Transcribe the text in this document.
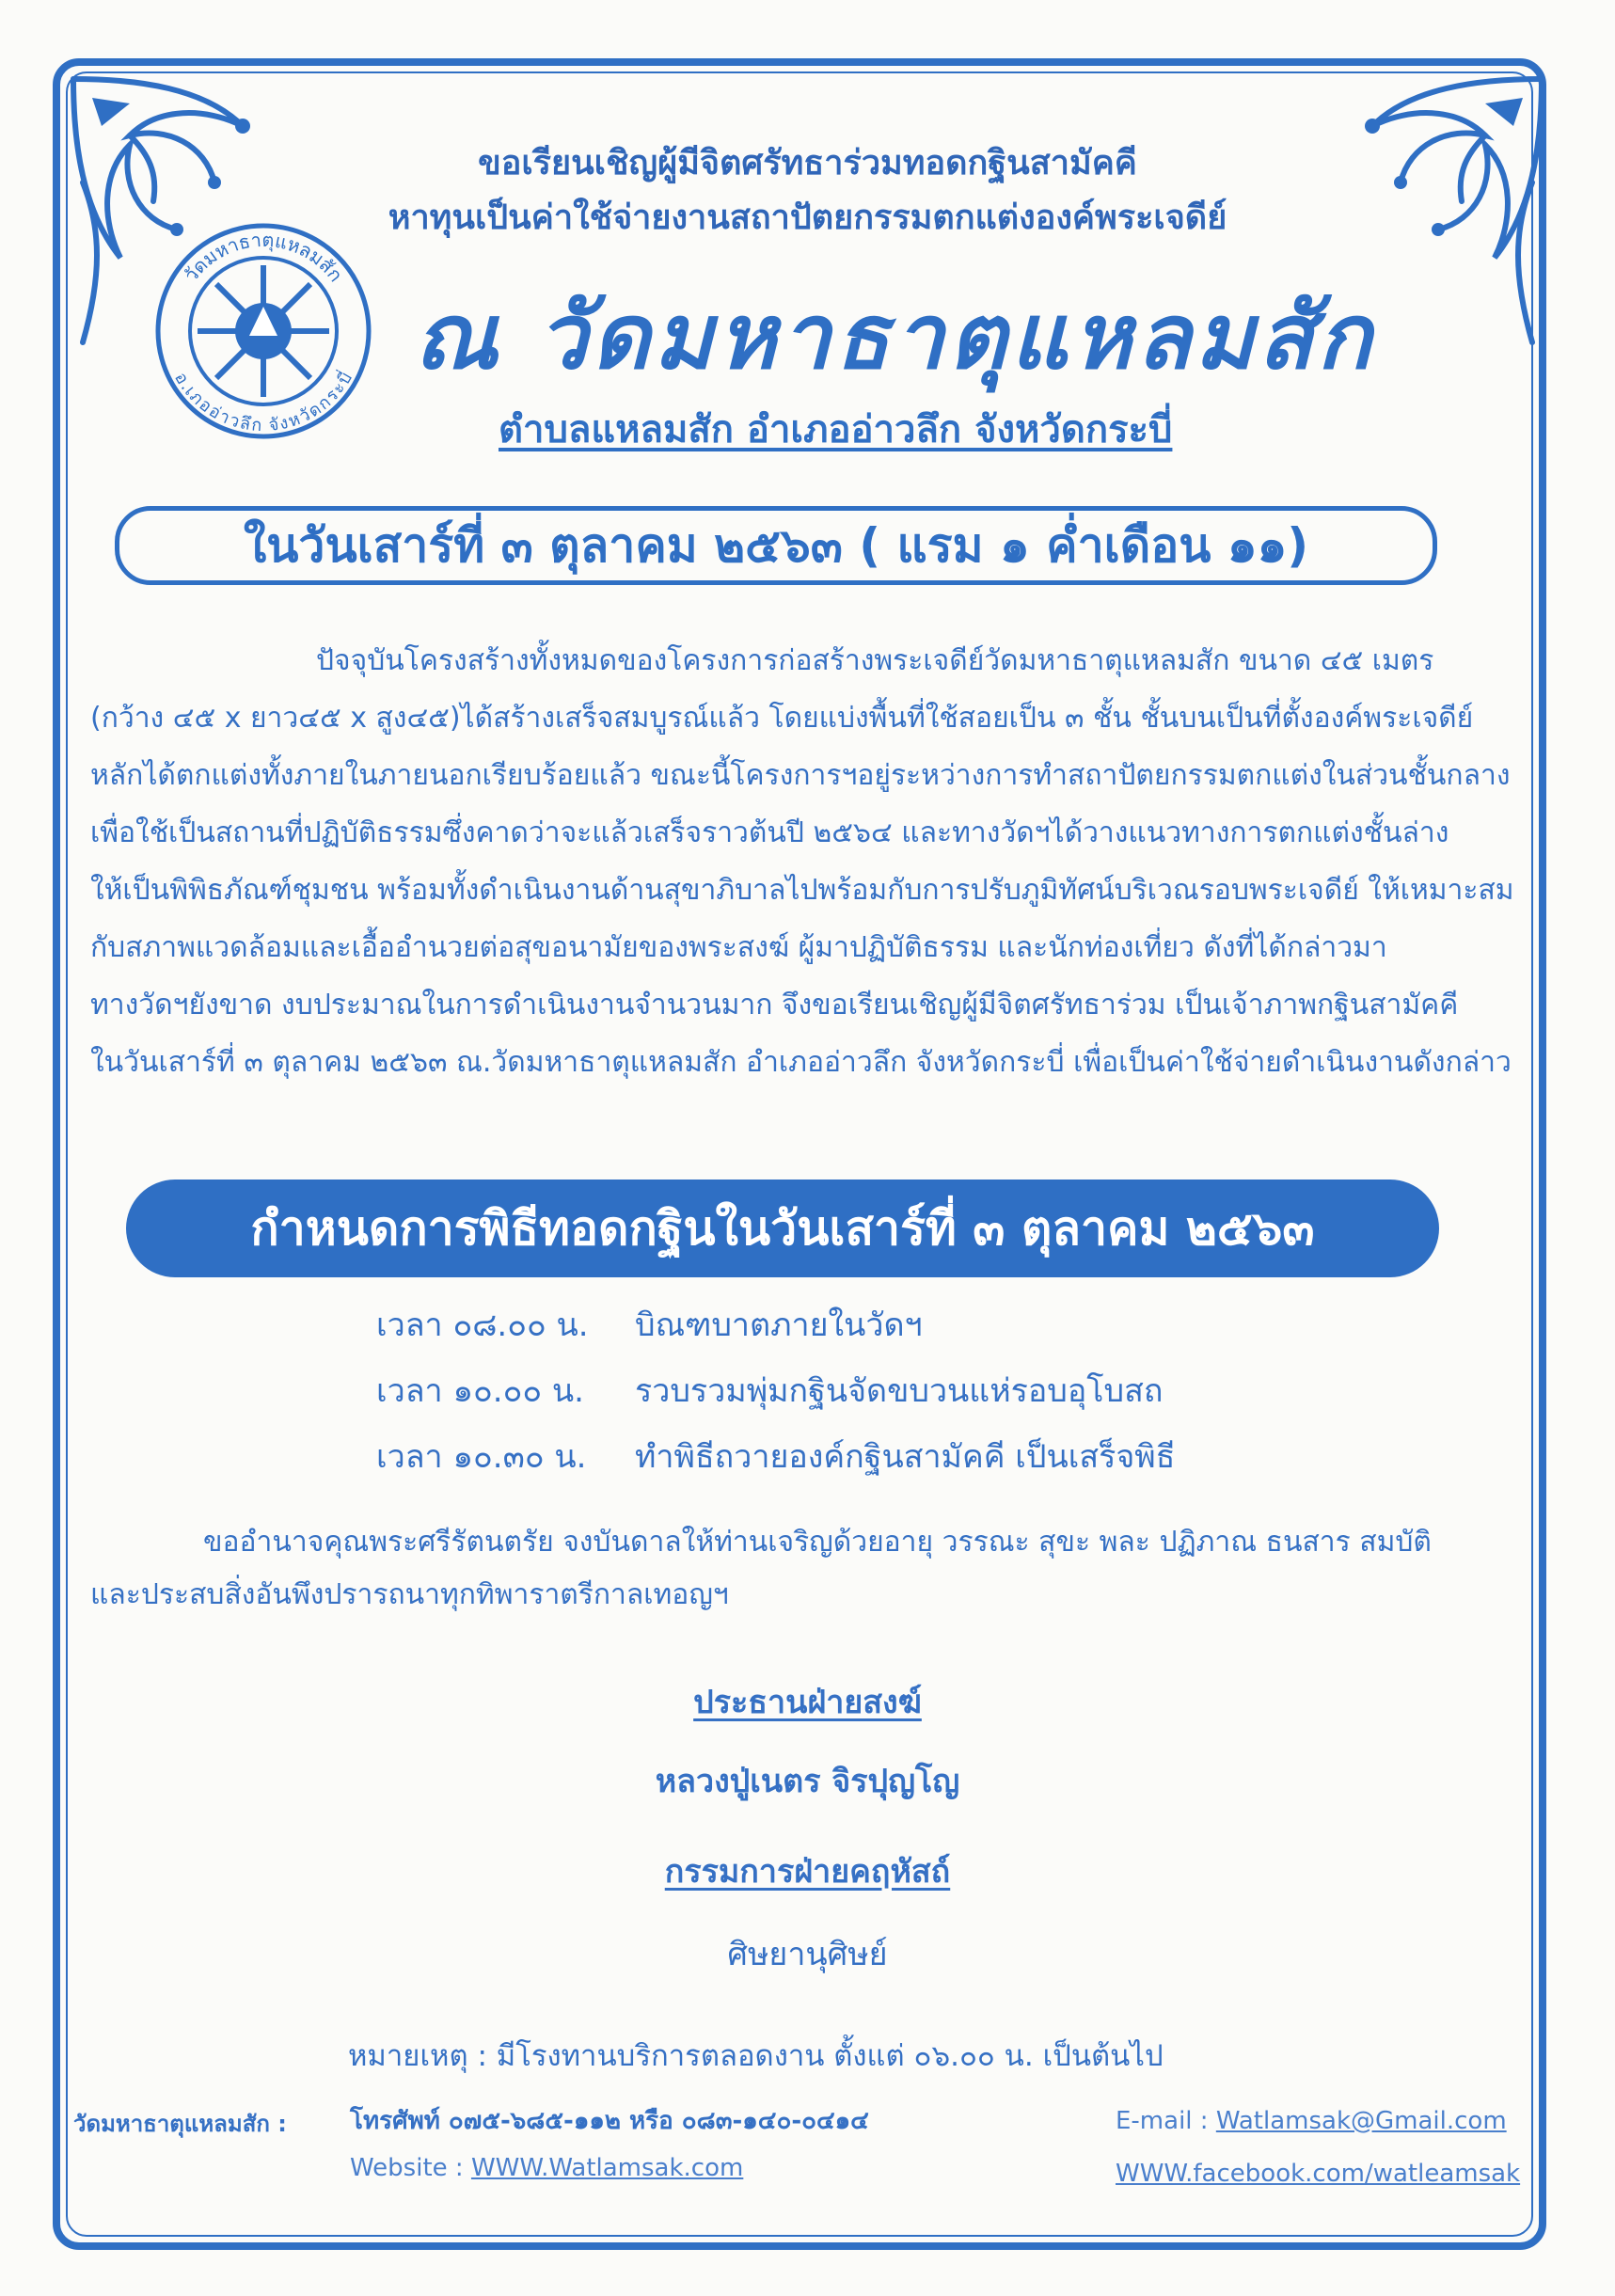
ขอเรียนเชิญผู้มีจิตศรัทธาร่วมทอดกฐินสามัคคี
หาทุนเป็นค่าใช้จ่ายงานสถาปัตยกรรมตกแต่งองค์พระเจดีย์
วัดมหาธาตุแหลมสัก
อ.เภออ่าวลึก จังหวัดกระบี่ ณ วัดมหาธาตุแหลมสัก
ตำบลแหลมสัก อำเภออ่าวลึก จังหวัดกระบี่
ในวันเสาร์ที่ ๓ ตุลาคม ๒๕๖๓ ( แรม ๑ ค่ำเดือน ๑๑)

ปัจจุบันโครงสร้างทั้งหมดของโครงการก่อสร้างพระเจดีย์วัดมหาธาตุแหลมสัก ขนาด ๔๕ เมตร

(กว้าง ๔๕ x ยาว๔๕ x สูง๔๕)ได้สร้างเสร็จสมบูรณ์แล้ว โดยแบ่งพื้นที่ใช้สอยเป็น ๓ ชั้น ชั้นบนเป็นที่ตั้งองค์พระเจดีย์

หลักได้ตกแต่งทั้งภายในภายนอกเรียบร้อยแล้ว ขณะนี้โครงการฯอยู่ระหว่างการทำสถาปัตยกรรมตกแต่งในส่วนชั้นกลาง

เพื่อใช้เป็นสถานที่ปฏิบัติธรรมซึ่งคาดว่าจะแล้วเสร็จราวต้นปี ๒๕๖๔ และทางวัดฯได้วางแนวทางการตกแต่งชั้นล่าง

ให้เป็นพิพิธภัณฑ์ชุมชน พร้อมทั้งดำเนินงานด้านสุขาภิบาลไปพร้อมกับการปรับภูมิทัศน์บริเวณรอบพระเจดีย์ ให้เหมาะสม

กับสภาพแวดล้อมและเอื้ออำนวยต่อสุขอนามัยของพระสงฆ์ ผู้มาปฏิบัติธรรม และนักท่องเที่ยว ดังที่ได้กล่าวมา

ทางวัดฯยังขาด งบประมาณในการดำเนินงานจำนวนมาก จึงขอเรียนเชิญผู้มีจิตศรัทธาร่วม เป็นเจ้าภาพกฐินสามัคคี

ในวันเสาร์ที่ ๓ ตุลาคม ๒๕๖๓ ณ.วัดมหาธาตุแหลมสัก อำเภออ่าวลึก จังหวัดกระบี่ เพื่อเป็นค่าใช้จ่ายดำเนินงานดังกล่าว

กำหนดการพิธีทอดกฐินในวันเสาร์ที่ ๓ ตุลาคม ๒๕๖๓
เวลา ๐๘.๐๐ น.	บิณฑบาตภายในวัดฯ
เวลา ๑๐.๐๐ น.	รวบรวมพุ่มกฐินจัดขบวนแห่รอบอุโบสถ
เวลา ๑๐.๓๐ น.	ทำพิธีถวายองค์กฐินสามัคคี เป็นเสร็จพิธี

ขออำนาจคุณพระศรีรัตนตรัย จงบันดาลให้ท่านเจริญด้วยอายุ วรรณะ สุขะ พละ ปฏิภาณ ธนสาร สมบัติ

และประสบสิ่งอันพึงปรารถนาทุกทิพาราตรีกาลเทอญฯ

ประธานฝ่ายสงฆ์
หลวงปู่เนตร จิรปุญโญ
กรรมการฝ่ายคฤหัสถ์
ศิษยานุศิษย์
หมายเหตุ : มีโรงทานบริการตลอดงาน ตั้งแต่ ๐๖.๐๐ น. เป็นต้นไป
วัดมหาธาตุแหลมสัก :	โทรศัพท์ ๐๗๕-๖๘๕-๑๑๒ หรือ ๐๘๓-๑๔๐-๐๔๑๔
Website : WWW.Watlamsak.com
E-mail : Watlamsak@Gmail.com
WWW.facebook.com/watleamsak
